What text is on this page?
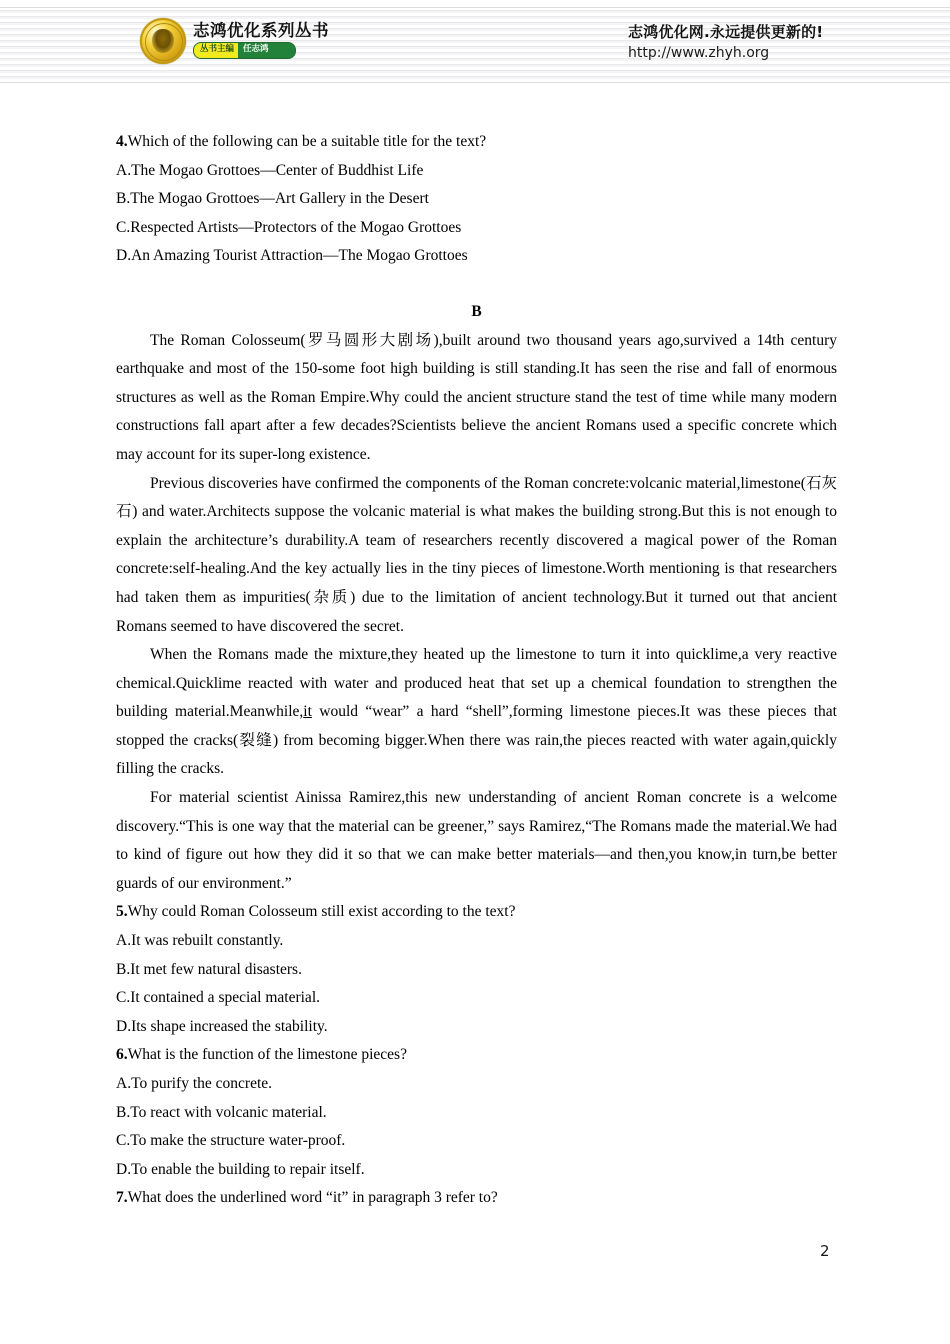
志鸿优化系列丛书
丛书主编	任志鸿
志鸿优化网.永远提供更新的!
http://www.zhyh.org
4.Which of the following can be a suitable title for the text?
A.The Mogao Grottoes—Center of Buddhist Life
B.The Mogao Grottoes—Art Gallery in the Desert
C.Respected Artists—Protectors of the Mogao Grottoes
D.An Amazing Tourist Attraction—The Mogao Grottoes
B

The Roman Colosseum(罗马圆形大剧场),built around two thousand years ago,survived a 14th century earthquake and most of the 150-some foot high building is still standing.It has seen the rise and fall of enormous structures as well as the Roman Empire.Why could the ancient structure stand the test of time while many modern constructions fall apart after a few decades?Scientists believe the ancient Romans used a specific concrete which may account for its super-long existence.

Previous discoveries have confirmed the components of the Roman concrete:volcanic material,limestone(石灰石) and water.Architects suppose the volcanic material is what makes the building strong.But this is not enough to explain the architecture’s durability.A team of researchers recently discovered a magical power of the Roman concrete:self-healing.And the key actually lies in the tiny pieces of limestone.Worth mentioning is that researchers had taken them as impurities(杂质) due to the limitation of ancient technology.But it turned out that ancient Romans seemed to have discovered the secret.

When the Romans made the mixture,they heated up the limestone to turn it into quicklime,a very reactive chemical.Quicklime reacted with water and produced heat that set up a chemical foundation to strengthen the building material.Meanwhile,it would “wear” a hard “shell”,forming limestone pieces.It was these pieces that stopped the cracks(裂缝) from becoming bigger.When there was rain,the pieces reacted with water again,quickly filling the cracks.

For material scientist Ainissa Ramirez,this new understanding of ancient Roman concrete is a welcome discovery.“This is one way that the material can be greener,” says Ramirez,“The Romans made the material.We had to kind of figure out how they did it so that we can make better materials—and then,you know,in turn,be better guards of our environment.”

5.Why could Roman Colosseum still exist according to the text?
A.It was rebuilt constantly.
B.It met few natural disasters.
C.It contained a special material.
D.Its shape increased the stability.
6.What is the function of the limestone pieces?
A.To purify the concrete.
B.To react with volcanic material.
C.To make the structure water-proof.
D.To enable the building to repair itself.
7.What does the underlined word “it” in paragraph 3 refer to?
2
